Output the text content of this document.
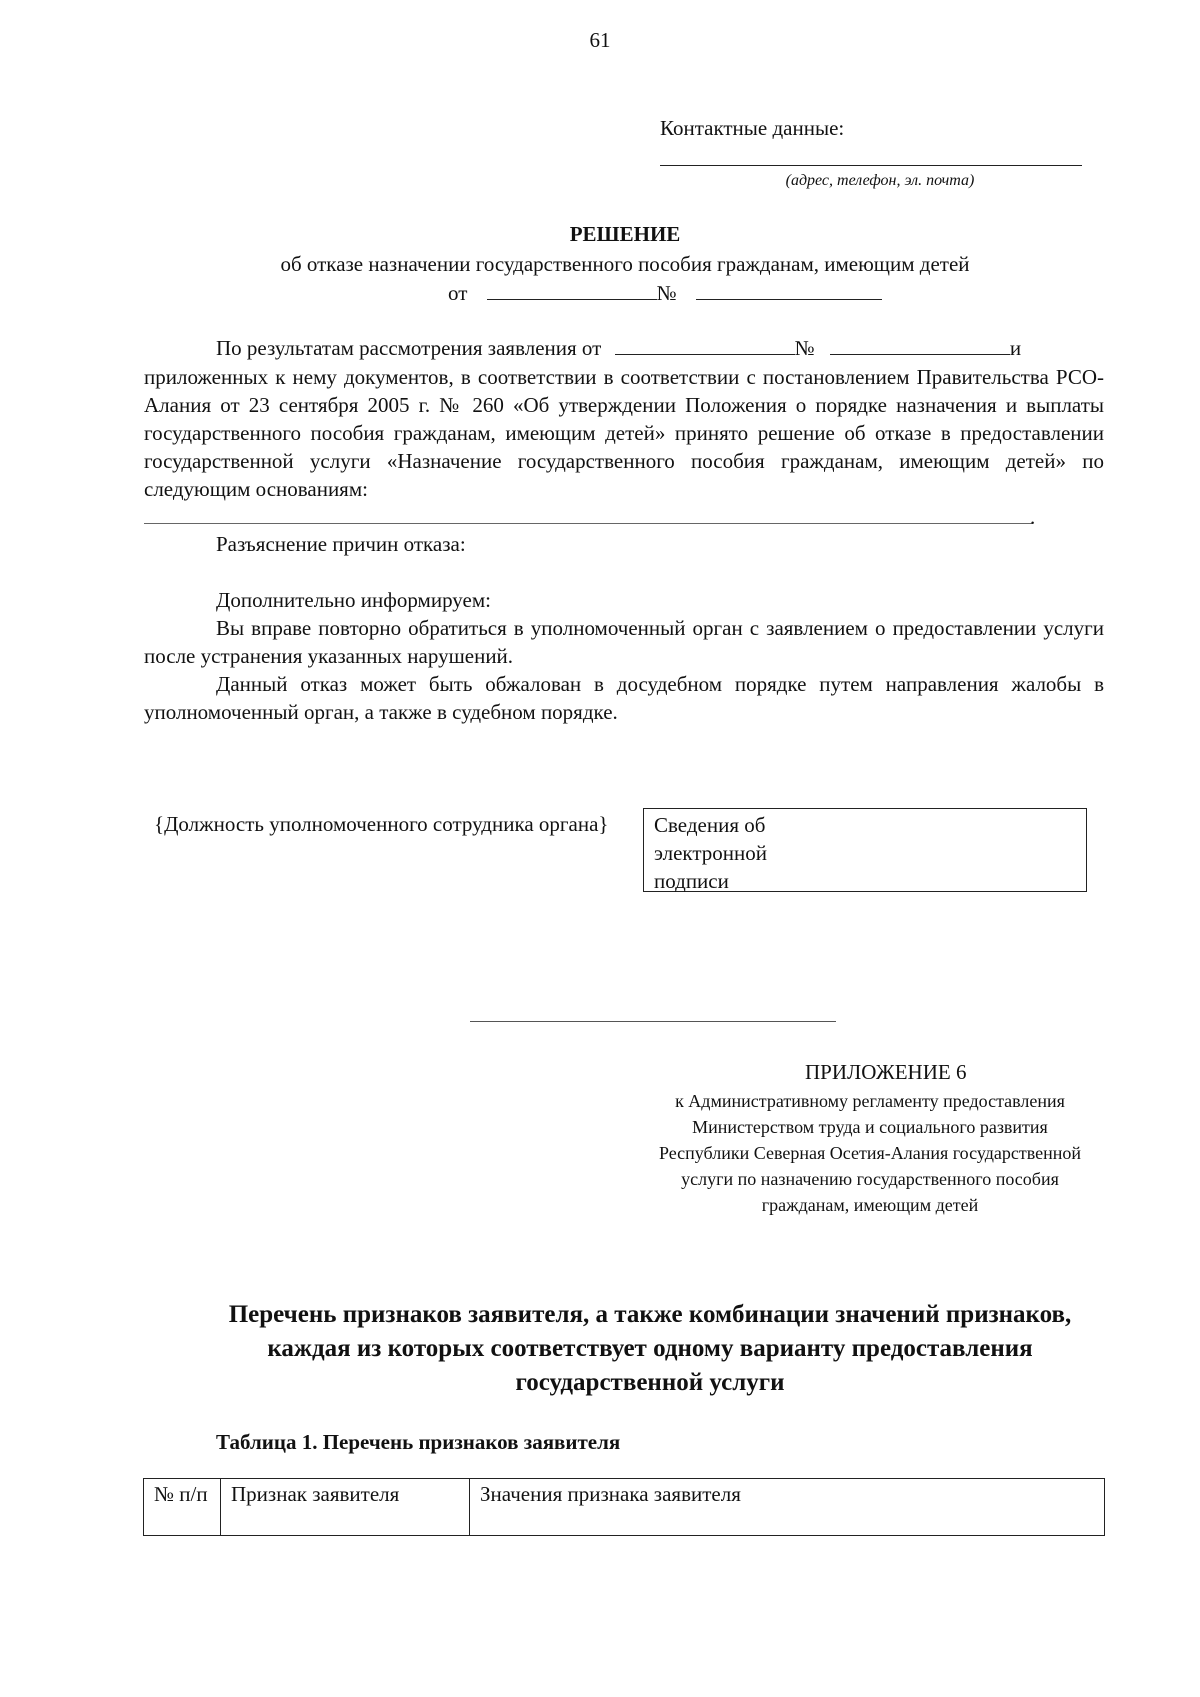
61
Контактные данные:
(адрес, телефон, эл. почта)
РЕШЕНИЕ
об отказе назначении государственного пособия гражданам, имеющим детей
от	№
По результатам рассмотрения заявления от	№	и
приложенных к нему документов, в соответствии в соответствии с постановлением Правительства РСО-Алания от 23 сентября 2005 г. № 260 «Об утверждении Положения о порядке назначения и выплаты государственного пособия гражданам, имеющим детей» принято решение об отказе в предоставлении государственной услуги «Назначение государственного пособия гражданам, имеющим детей» по следующим основаниям:
.
Разъяснение причин отказа:
Дополнительно информируем:
Вы вправе повторно обратиться в уполномоченный орган с заявлением о предоставлении услуги после устранения указанных нарушений.
Данный отказ может быть обжалован в досудебном порядке путем направления жалобы в уполномоченный орган, а также в судебном порядке.
{Должность уполномоченного сотрудника органа} Сведения об электронной подписи
ПРИЛОЖЕНИЕ 6
к Административному регламенту предоставления Министерством труда и социального развития Республики Северная Осетия-Алания государственной услуги по назначению государственного пособия гражданам, имеющим детей
Перечень признаков заявителя, а также комбинации значений признаков, каждая из которых соответствует одному варианту предоставления государственной услуги
Таблица 1. Перечень признаков заявителя
№ п/п	Признак заявителя	Значения признака заявителя
